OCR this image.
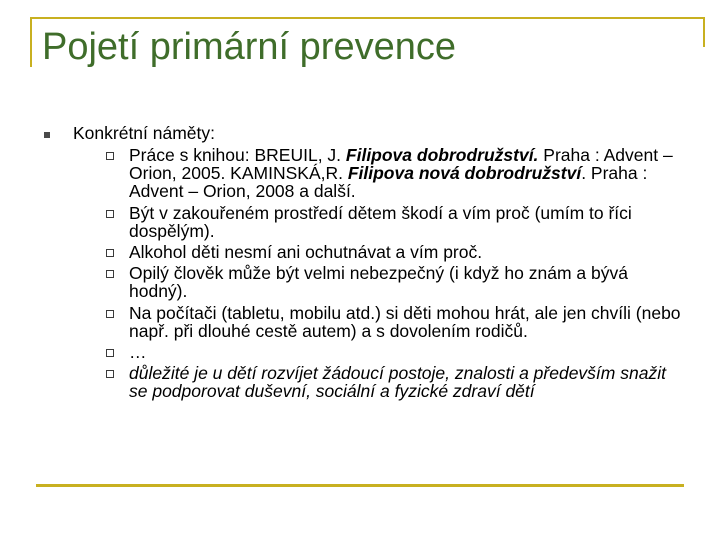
Pojetí primární prevence
Konkrétní náměty:
Práce s knihou: BREUIL, J. Filipova dobrodružství. Praha : Advent – Orion, 2005. KAMINSKÁ,R. Filipova nová dobrodružství. Praha : Advent – Orion, 2008 a další.
Být v zakouřeném prostředí dětem škodí a vím proč (umím to říci dospělým).
Alkohol děti nesmí ani ochutnávat a vím proč.
Opilý člověk může být velmi nebezpečný (i když ho znám a bývá hodný).
Na počítači (tabletu, mobilu atd.) si děti mohou hrát, ale jen chvíli (nebo např. při dlouhé cestě autem) a s dovolením rodičů.
…
důležité je u dětí rozvíjet žádoucí postoje, znalosti a především snažit se podporovat duševní, sociální a fyzické zdraví dětí
